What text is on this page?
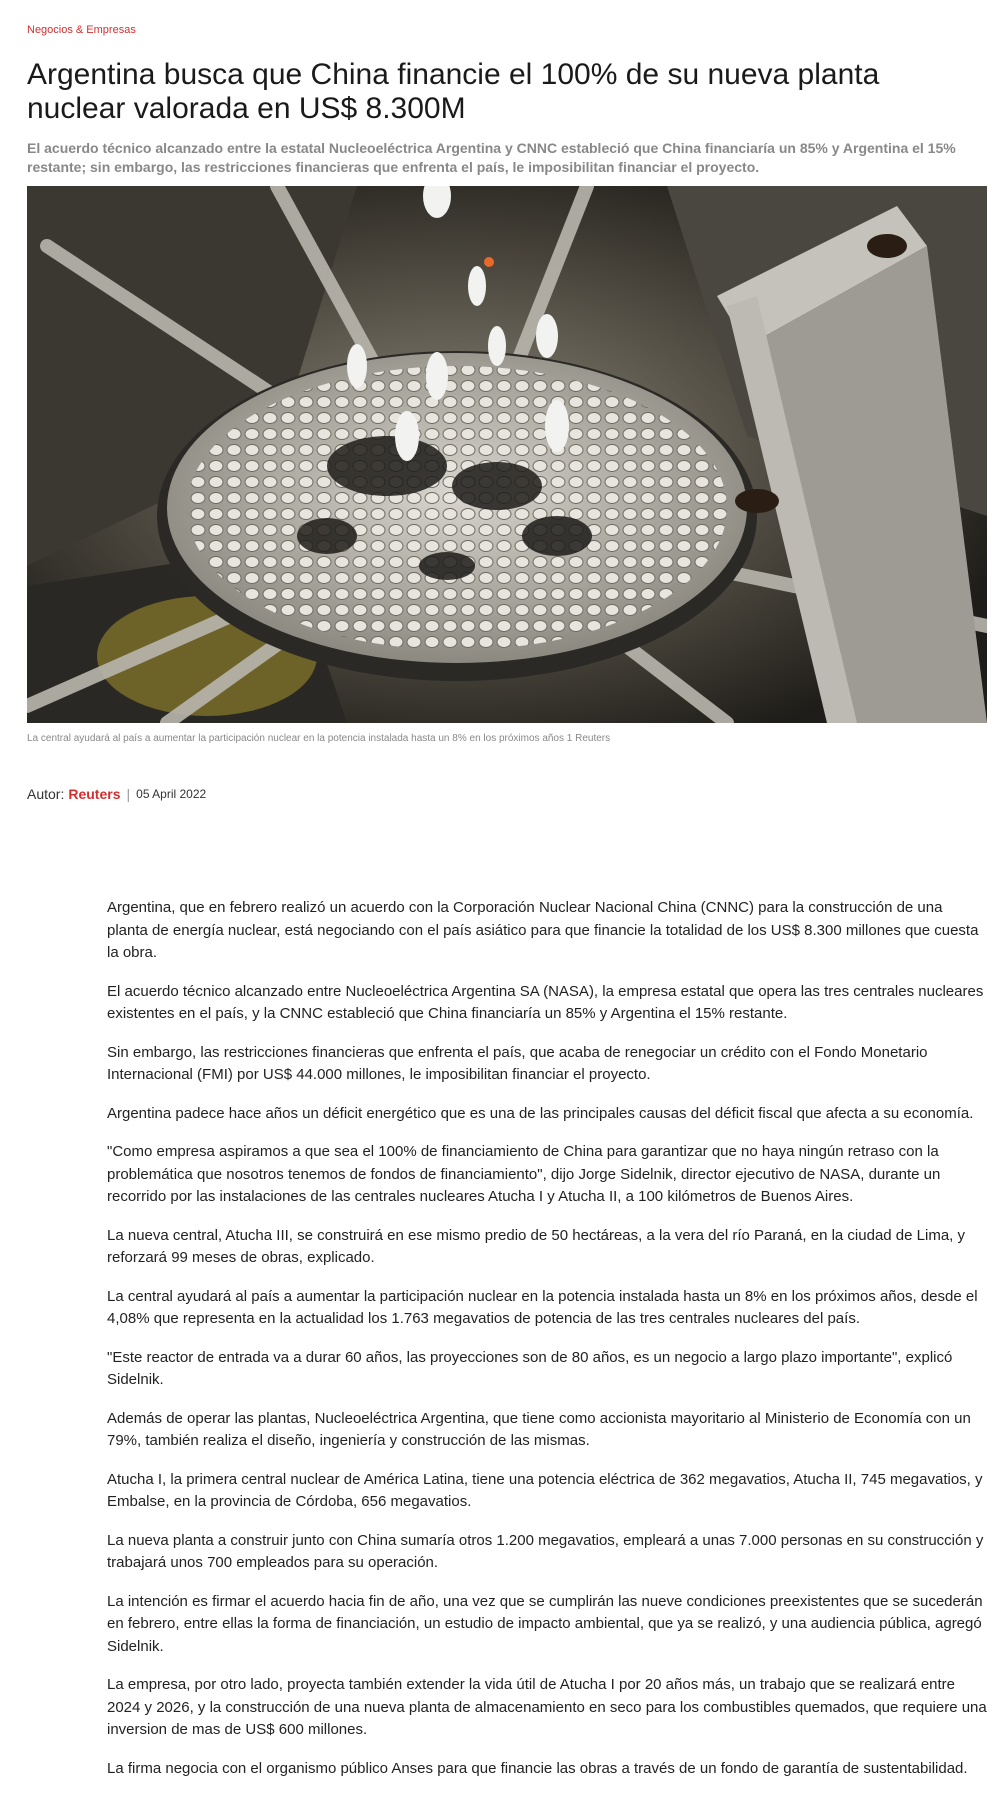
Negocios & Empresas
Argentina busca que China financie el 100% de su nueva planta nuclear valorada en US$ 8.300M

El acuerdo técnico alcanzado entre la estatal Nucleoeléctrica Argentina y CNNC estableció que China financiaría un 85% y Argentina el 15% restante; sin embargo, las restricciones financieras que enfrenta el país, le imposibilitan financiar el proyecto.

La central ayudará al país a aumentar la participación nuclear en la potencia instalada hasta un 8% en los próximos años 1 Reuters
Autor: Reuters | 05 April 2022

Argentina, que en febrero realizó un acuerdo con la Corporación Nuclear Nacional China (CNNC) para la construcción de una planta de energía nuclear, está negociando con el país asiático para que financie la totalidad de los US$ 8.300 millones que cuesta la obra.

El acuerdo técnico alcanzado entre Nucleoeléctrica Argentina SA (NASA), la empresa estatal que opera las tres centrales nucleares existentes en el país, y la CNNC estableció que China financiaría un 85% y Argentina el 15% restante.

Sin embargo, las restricciones financieras que enfrenta el país, que acaba de renegociar un crédito con el Fondo Monetario Internacional (FMI) por US$ 44.000 millones, le imposibilitan financiar el proyecto.

Argentina padece hace años un déficit energético que es una de las principales causas del déficit fiscal que afecta a su economía.

"Como empresa aspiramos a que sea el 100% de financiamiento de China para garantizar que no haya ningún retraso con la problemática que nosotros tenemos de fondos de financiamiento", dijo Jorge Sidelnik, director ejecutivo de NASA, durante un recorrido por las instalaciones de las centrales nucleares Atucha I y Atucha II, a 100 kilómetros de Buenos Aires.

La nueva central, Atucha III, se construirá en ese mismo predio de 50 hectáreas, a la vera del río Paraná, en la ciudad de Lima, y reforzará 99 meses de obras, explicado.

La central ayudará al país a aumentar la participación nuclear en la potencia instalada hasta un 8% en los próximos años, desde el 4,08% que representa en la actualidad los 1.763 megavatios de potencia de las tres centrales nucleares del país.

"Este reactor de entrada va a durar 60 años, las proyecciones son de 80 años, es un negocio a largo plazo importante", explicó Sidelnik.

Además de operar las plantas, Nucleoeléctrica Argentina, que tiene como accionista mayoritario al Ministerio de Economía con un 79%, también realiza el diseño, ingeniería y construcción de las mismas.

Atucha I, la primera central nuclear de América Latina, tiene una potencia eléctrica de 362 megavatios, Atucha II, 745 megavatios, y Embalse, en la provincia de Córdoba, 656 megavatios.

La nueva planta a construir junto con China sumaría otros 1.200 megavatios, empleará a unas 7.000 personas en su construcción y trabajará unos 700 empleados para su operación.

La intención es firmar el acuerdo hacia fin de año, una vez que se cumplirán las nueve condiciones preexistentes que se sucederán en febrero, entre ellas la forma de financiación, un estudio de impacto ambiental, que ya se realizó, y una audiencia pública, agregó Sidelnik.

La empresa, por otro lado, proyecta también extender la vida útil de Atucha I por 20 años más, un trabajo que se realizará entre 2024 y 2026, y la construcción de una nueva planta de almacenamiento en seco para los combustibles quemados, que requiere una inversion de mas de US$ 600 millones.

La firma negocia con el organismo público Anses para que financie las obras a través de un fondo de garantía de sustentabilidad.
